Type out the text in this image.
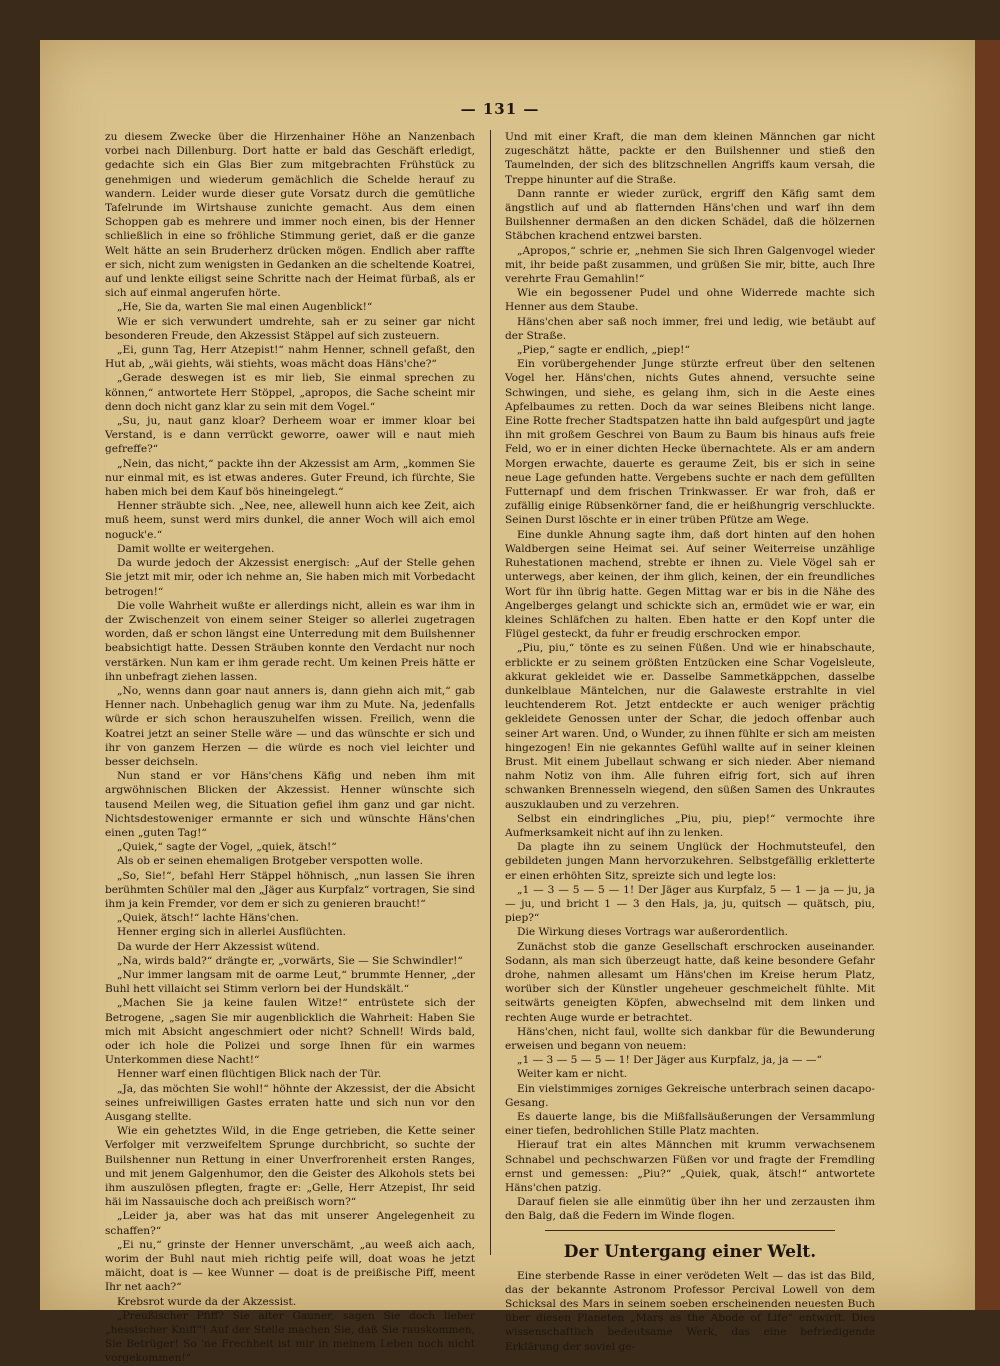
— 131 —

zu diesem Zwecke über die Hirzenhainer Höhe an Nanzenbach vorbei nach Dillenburg. Dort hatte er bald das Geschäft erledigt, gedachte sich ein Glas Bier zum mitgebrachten Frühstück zu genehmigen und wiederum gemächlich die Schelde herauf zu wandern. Leider wurde dieser gute Vorsatz durch die gemütliche Tafelrunde im Wirtshause zunichte gemacht. Aus dem einen Schoppen gab es mehrere und immer noch einen, bis der Henner schließlich in eine so fröhliche Stimmung geriet, daß er die ganze Welt hätte an sein Bruderherz drücken mögen. Endlich aber raffte er sich, nicht zum wenigsten in Gedanken an die scheltende Koatrei, auf und lenkte eiligst seine Schritte nach der Heimat fürbaß, als er sich auf einmal angerufen hörte.

„He, Sie da, warten Sie mal einen Augenblick!“

Wie er sich verwundert umdrehte, sah er zu seiner gar nicht besonderen Freude, den Akzessist Stäppel auf sich zusteuern.

„Ei, gunn Tag, Herr Atzepist!“ nahm Henner, schnell gefaßt, den Hut ab, „wäi giehts, wäi stiehts, woas mächt doas Häns'che?“

„Gerade deswegen ist es mir lieb, Sie einmal sprechen zu können,“ antwortete Herr Stöppel, „apropos, die Sache scheint mir denn doch nicht ganz klar zu sein mit dem Vogel.“

„Su, ju, naut ganz kloar? Derheem woar er immer kloar bei Verstand, is e dann verrückt geworre, oawer will e naut mieh gefreffe?“

„Nein, das nicht,“ packte ihn der Akzessist am Arm, „kommen Sie nur einmal mit, es ist etwas anderes. Guter Freund, ich fürchte, Sie haben mich bei dem Kauf bös hineingelegt.“

Henner sträubte sich. „Nee, nee, allewell hunn aich kee Zeit, aich muß heem, sunst werd mirs dunkel, die anner Woch will aich emol noguck'e.“

Damit wollte er weitergehen.

Da wurde jedoch der Akzessist energisch: „Auf der Stelle gehen Sie jetzt mit mir, oder ich nehme an, Sie haben mich mit Vorbedacht betrogen!“

Die volle Wahrheit wußte er allerdings nicht, allein es war ihm in der Zwischenzeit von einem seiner Steiger so allerlei zugetragen worden, daß er schon längst eine Unterredung mit dem Builshenner beabsichtigt hatte. Dessen Sträuben konnte den Verdacht nur noch verstärken. Nun kam er ihm gerade recht. Um keinen Preis hätte er ihn unbefragt ziehen lassen.

„No, wenns dann goar naut anners is, dann giehn aich mit,“ gab Henner nach. Unbehaglich genug war ihm zu Mute. Na, jedenfalls würde er sich schon herauszuhelfen wissen. Freilich, wenn die Koatrei jetzt an seiner Stelle wäre — und das wünschte er sich und ihr von ganzem Herzen — die würde es noch viel leichter und besser deichseln.

Nun stand er vor Häns'chens Käfig und neben ihm mit argwöhnischen Blicken der Akzessist. Henner wünschte sich tausend Meilen weg, die Situation gefiel ihm ganz und gar nicht. Nichtsdestoweniger ermannte er sich und wünschte Häns'chen einen „guten Tag!“

„Quiek,“ sagte der Vogel, „quiek, ätsch!“

Als ob er seinen ehemaligen Brotgeber verspotten wolle.

„So, Sie!“, befahl Herr Stäppel höhnisch, „nun lassen Sie ihren berühmten Schüler mal den „Jäger aus Kurpfalz“ vortragen, Sie sind ihm ja kein Fremder, vor dem er sich zu genieren braucht!“

„Quiek, ätsch!“ lachte Häns'chen.

Henner erging sich in allerlei Ausflüchten.

Da wurde der Herr Akzessist wütend.

„Na, wirds bald?“ drängte er, „vorwärts, Sie — Sie Schwindler!“

„Nur immer langsam mit de oarme Leut,“ brummte Henner, „der Buhl hett villaicht sei Stimm verlorn bei der Hundskält.“

„Machen Sie ja keine faulen Witze!“ entrüstete sich der Betrogene, „sagen Sie mir augenblicklich die Wahrheit: Haben Sie mich mit Absicht angeschmiert oder nicht? Schnell! Wirds bald, oder ich hole die Polizei und sorge Ihnen für ein warmes Unterkommen diese Nacht!“

Henner warf einen flüchtigen Blick nach der Tür.

„Ja, das möchten Sie wohl!“ höhnte der Akzessist, der die Absicht seines unfreiwilligen Gastes erraten hatte und sich nun vor den Ausgang stellte.

Wie ein gehetztes Wild, in die Enge getrieben, die Kette seiner Verfolger mit verzweifeltem Sprunge durchbricht, so suchte der Builshenner nun Rettung in einer Unverfrorenheit ersten Ranges, und mit jenem Galgenhumor, den die Geister des Alkohols stets bei ihm auszulösen pflegten, fragte er: „Gelle, Herr Atzepist, Ihr seid häi im Nassauische doch ach preißisch worn?“

„Leider ja, aber was hat das mit unserer Angelegenheit zu schaffen?“

„Ei nu,“ grinste der Henner unverschämt, „au weeß aich aach, worim der Buhl naut mieh richtig peife will, doat woas he jetzt mäicht, doat is — kee Wunner — doat is de preißische Piff, meent Ihr net aach?“

Krebsrot wurde da der Akzessist.

„Preußischer Pfiff? Sie alter Gauner, sagen Sie doch lieber „hessischer Kniff“! Auf der Stelle machen Sie, daß Sie rauskommen, Sie Betrüger! So 'ne Frechheit ist mir in meinem Leben noch nicht vorgekommen!“

Und mit einer Kraft, die man dem kleinen Männchen gar nicht zugeschätzt hätte, packte er den Builshenner und stieß den Taumelnden, der sich des blitzschnellen Angriffs kaum versah, die Treppe hinunter auf die Straße.

Dann rannte er wieder zurück, ergriff den Käfig samt dem ängstlich auf und ab flatternden Häns'chen und warf ihn dem Builshenner dermaßen an den dicken Schädel, daß die hölzernen Stäbchen krachend entzwei barsten.

„Apropos,“ schrie er, „nehmen Sie sich Ihren Galgenvogel wieder mit, ihr beide paßt zusammen, und grüßen Sie mir, bitte, auch Ihre verehrte Frau Gemahlin!“

Wie ein begossener Pudel und ohne Widerrede machte sich Henner aus dem Staube.

Häns'chen aber saß noch immer, frei und ledig, wie betäubt auf der Straße.

„Piep,“ sagte er endlich, „piep!“

Ein vorübergehender Junge stürzte erfreut über den seltenen Vogel her. Häns'chen, nichts Gutes ahnend, versuchte seine Schwingen, und siehe, es gelang ihm, sich in die Aeste eines Apfelbaumes zu retten. Doch da war seines Bleibens nicht lange. Eine Rotte frecher Stadtspatzen hatte ihn bald aufgespürt und jagte ihn mit großem Geschrei von Baum zu Baum bis hinaus aufs freie Feld, wo er in einer dichten Hecke übernachtete. Als er am andern Morgen erwachte, dauerte es geraume Zeit, bis er sich in seine neue Lage gefunden hatte. Vergebens suchte er nach dem gefüllten Futternapf und dem frischen Trinkwasser. Er war froh, daß er zufällig einige Rübsenkörner fand, die er heißhungrig verschluckte. Seinen Durst löschte er in einer trüben Pfütze am Wege.

Eine dunkle Ahnung sagte ihm, daß dort hinten auf den hohen Waldbergen seine Heimat sei. Auf seiner Weiterreise unzählige Ruhestationen machend, strebte er ihnen zu. Viele Vögel sah er unterwegs, aber keinen, der ihm glich, keinen, der ein freundliches Wort für ihn übrig hatte. Gegen Mittag war er bis in die Nähe des Angelberges gelangt und schickte sich an, ermüdet wie er war, ein kleines Schläfchen zu halten. Eben hatte er den Kopf unter die Flügel gesteckt, da fuhr er freudig erschrocken empor.

„Piu, piu,“ tönte es zu seinen Füßen. Und wie er hinabschaute, erblickte er zu seinem größten Entzücken eine Schar Vogelsleute, akkurat gekleidet wie er. Dasselbe Sammetkäppchen, dasselbe dunkelblaue Mäntelchen, nur die Galaweste erstrahlte in viel leuchtenderem Rot. Jetzt entdeckte er auch weniger prächtig gekleidete Genossen unter der Schar, die jedoch offenbar auch seiner Art waren. Und, o Wunder, zu ihnen fühlte er sich am meisten hingezogen! Ein nie gekanntes Gefühl wallte auf in seiner kleinen Brust. Mit einem Jubellaut schwang er sich nieder. Aber niemand nahm Notiz von ihm. Alle fuhren eifrig fort, sich auf ihren schwanken Brennesseln wiegend, den süßen Samen des Unkrautes auszuklauben und zu verzehren.

Selbst ein eindringliches „Piu, piu, piep!“ vermochte ihre Aufmerksamkeit nicht auf ihn zu lenken.

Da plagte ihn zu seinem Unglück der Hochmutsteufel, den gebildeten jungen Mann hervorzukehren. Selbstgefällig erkletterte er einen erhöhten Sitz, spreizte sich und legte los:

„1 — 3 — 5 — 5 — 1! Der Jäger aus Kurpfalz, 5 — 1 — ja — ju, ja — ju, und bricht 1 — 3 den Hals, ja, ju, quitsch — quätsch, piu, piep?“

Die Wirkung dieses Vortrags war außerordentlich.

Zunächst stob die ganze Gesellschaft erschrocken auseinander. Sodann, als man sich überzeugt hatte, daß keine besondere Gefahr drohe, nahmen allesamt um Häns'chen im Kreise herum Platz, worüber sich der Künstler ungeheuer geschmeichelt fühlte. Mit seitwärts geneigten Köpfen, abwechselnd mit dem linken und rechten Auge wurde er betrachtet.

Häns'chen, nicht faul, wollte sich dankbar für die Bewunderung erweisen und begann von neuem:

„1 — 3 — 5 — 5 — 1! Der Jäger aus Kurpfalz, ja, ja — —“

Weiter kam er nicht.

Ein vielstimmiges zorniges Gekreische unterbrach seinen dacapo-Gesang.

Es dauerte lange, bis die Mißfallsäußerungen der Versammlung einer tiefen, bedrohlichen Stille Platz machten.

Hierauf trat ein altes Männchen mit krumm verwachsenem Schnabel und pechschwarzen Füßen vor und fragte der Fremdling ernst und gemessen: „Piu?“ „Quiek, quak, ätsch!“ antwortete Häns'chen patzig.

Darauf fielen sie alle einmütig über ihn her und zerzausten ihm den Balg, daß die Federn im Winde flogen.

Der Untergang einer Welt.

Eine sterbende Rasse in einer verödeten Welt — das ist das Bild, das der bekannte Astronom Professor Percival Lowell von dem Schicksal des Mars in seinem soeben erscheinenden neuesten Buch über diesen Planeten „Mars as the Abode of Life“ entwirft. Dies wissenschaftlich bedeutsame Werk, das eine befriedigende Erklärung der soviel ge-
